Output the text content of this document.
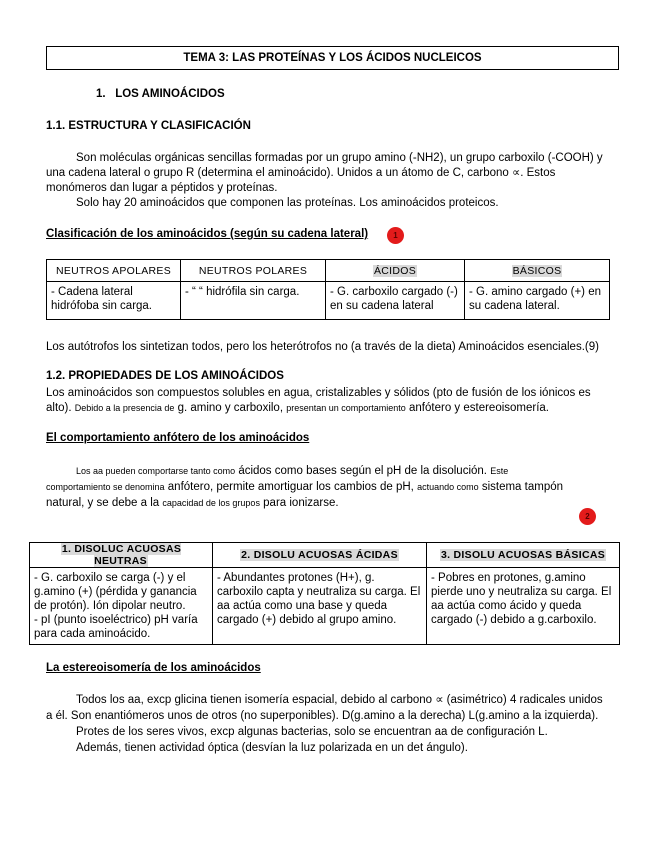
TEMA 3: LAS PROTEÍNAS Y LOS ÁCIDOS NUCLEICOS
1. LOS AMINOÁCIDOS
1.1. ESTRUCTURA Y CLASIFICACIÓN

Son moléculas orgánicas sencillas formadas por un grupo amino (-NH2), un grupo carboxilo (-COOH) y

una cadena lateral o grupo R (determina el aminoácido). Unidos a un átomo de C, carbono ∝. Estos

monómeros dan lugar a péptidos y proteínas.

Solo hay 20 aminoácidos que componen las proteínas. Los aminoácidos proteicos.

Clasificación de los aminoácidos (según su cadena lateral)	1
NEUTROS APOLARES	NEUTROS POLARES	ÁCIDOS	BÁSICOS
- Cadena lateral hidrófoba sin carga.	- “ “ hidrófila sin carga.	- G. carboxilo cargado (-) en su cadena lateral	- G. amino cargado (+) en su cadena lateral.

Los autótrofos los sintetizan todos, pero los heterótrofos no (a través de la dieta) Aminoácidos esenciales.(9)

1.2. PROPIEDADES DE LOS AMINOÁCIDOS

Los aminoácidos son compuestos solubles en agua, cristalizables y sólidos (pto de fusión de los iónicos es

alto). Debido a la presencia de g. amino y carboxilo, presentan un comportamiento anfótero y estereoisomería.

El comportamiento anfótero de los aminoácidos

Los aa pueden comportarse tanto como ácidos como bases según el pH de la disolución. Este

comportamiento se denomina anfótero, permite amortiguar los cambios de pH, actuando como sistema tampón

natural, y se debe a la capacidad de los grupos para ionizarse.

2
1. DISOLUC ACUOSAS NEUTRAS	2. DISOLU ACUOSAS ÁCIDAS	3. DISOLU ACUOSAS BÁSICAS
- G. carboxilo se carga (-) y el g.amino (+) (pérdida y ganancia de protón). Ión dipolar neutro.
- pI (punto isoeléctrico) pH varía para cada aminoácido.	- Abundantes protones (H+), g. carboxilo capta y neutraliza su carga. El aa actúa como una base y queda cargado (+) debido al grupo amino.	- Pobres en protones, g.amino pierde uno y neutraliza su carga. El aa actúa como ácido y queda cargado (-) debido a g.carboxilo.
La estereoisomería de los aminoácidos

Todos los aa, excp glicina tienen isomería espacial, debido al carbono ∝ (asimétrico) 4 radicales unidos

a él. Son enantiómeros unos de otros (no superponibles). D(g.amino a la derecha) L(g.amino a la izquierda).

Protes de los seres vivos, excp algunas bacterias, solo se encuentran aa de configuración L.

Además, tienen actividad óptica (desvían la luz polarizada en un det ángulo).
